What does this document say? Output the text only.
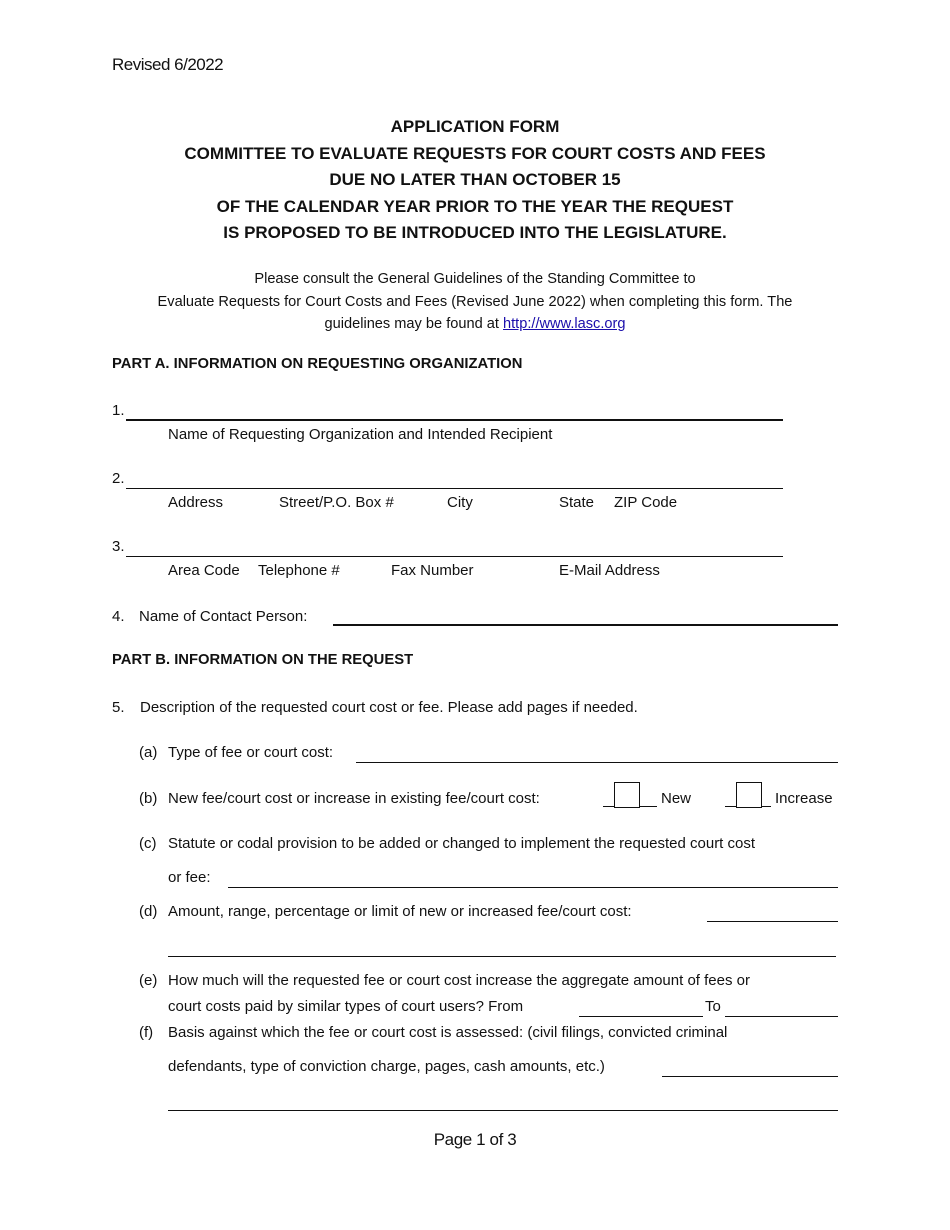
Revised 6/2022
APPLICATION FORM
COMMITTEE TO EVALUATE REQUESTS FOR COURT COSTS AND FEES
DUE NO LATER THAN OCTOBER 15
OF THE CALENDAR YEAR PRIOR TO THE YEAR THE REQUEST
IS PROPOSED TO BE INTRODUCED INTO THE LEGISLATURE.
Please consult the General Guidelines of the Standing Committee to
Evaluate Requests for Court Costs and Fees (Revised June 2022) when completing this form. The
guidelines may be found at http://www.lasc.org
PART A. INFORMATION ON REQUESTING ORGANIZATION
1.
Name of Requesting Organization and Intended Recipient
2.
Address	Street/P.O. Box #	City	State ZIP Code
3.
Area Code Telephone #	Fax Number	E-Mail Address
4. Name of Contact Person:
PART B. INFORMATION ON THE REQUEST
5. Description of the requested court cost or fee. Please add pages if needed.
(a) Type of fee or court cost:
(b) New fee/court cost or increase in existing fee/court cost:	New	Increase
(c) Statute or codal provision to be added or changed to implement the requested court cost
or fee:
(d) Amount, range, percentage or limit of new or increased fee/court cost:
(e) How much will the requested fee or court cost increase the aggregate amount of fees or
court costs paid by similar types of court users? From	To
(f) Basis against which the fee or court cost is assessed: (civil filings, convicted criminal
defendants, type of conviction charge, pages, cash amounts, etc.)
Page 1 of 3
